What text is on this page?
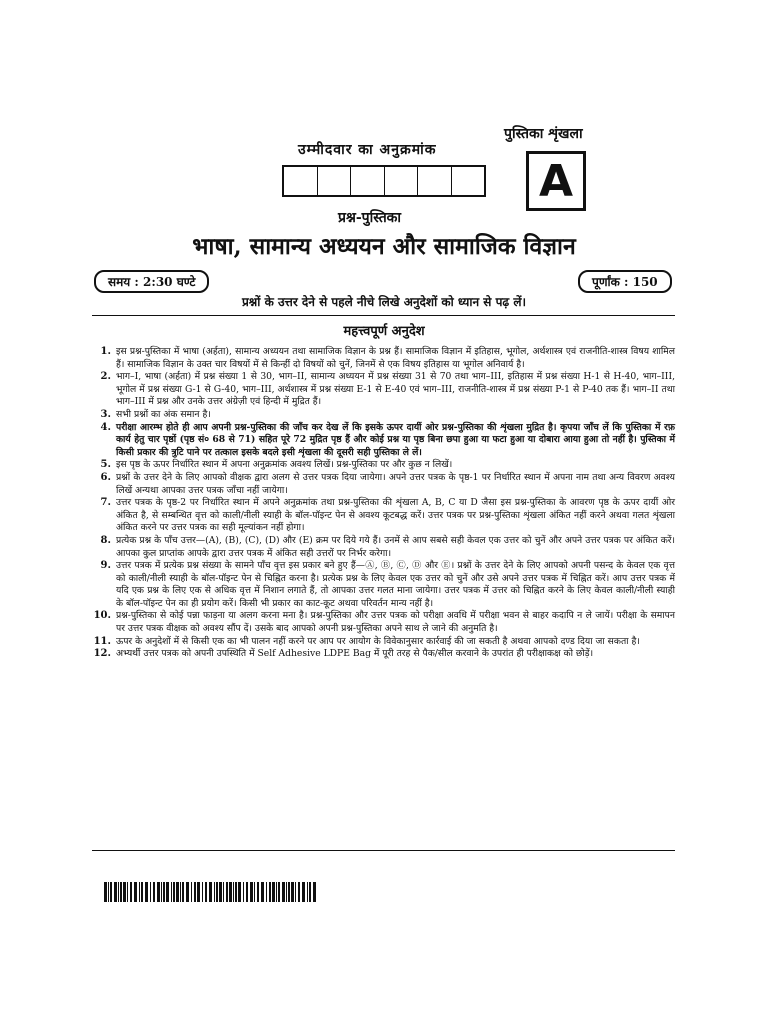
उम्मीदवार का अनुक्रमांक
पुस्तिका शृंखला
A
प्रश्न-पुस्तिका
भाषा, सामान्य अध्ययन और सामाजिक विज्ञान
समय : 2:30 घण्टे	पूर्णांक : 150
प्रश्नों के उत्तर देने से पहले नीचे लिखे अनुदेशों को ध्यान से पढ़ लें।
महत्त्वपूर्ण अनुदेश
1. इस प्रश्न-पुस्तिका में भाषा (अर्हता), सामान्य अध्ययन तथा सामाजिक विज्ञान के प्रश्न हैं। सामाजिक विज्ञान में इतिहास, भूगोल, अर्थशास्त्र एवं राजनीति-शास्त्र विषय शामिल हैं। सामाजिक विज्ञान के उक्त चार विषयों में से किन्हीं दो विषयों को चुनें, जिनमें से एक विषय इतिहास या भूगोल अनिवार्य है।
2. भाग–I, भाषा (अर्हता) में प्रश्न संख्या 1 से 30, भाग–II, सामान्य अध्ययन में प्रश्न संख्या 31 से 70 तथा भाग–III, इतिहास में प्रश्न संख्या H-1 से H-40, भाग–III, भूगोल में प्रश्न संख्या G-1 से G-40, भाग–III, अर्थशास्त्र में प्रश्न संख्या E-1 से E-40 एवं भाग–III, राजनीति-शास्त्र में प्रश्न संख्या P-1 से P-40 तक हैं। भाग–II तथा भाग–III में प्रश्न और उनके उत्तर अंग्रेज़ी एवं हिन्दी में मुद्रित हैं।
3. सभी प्रश्नों का अंक समान है।
4. परीक्षा आरम्भ होते ही आप अपनी प्रश्न-पुस्तिका की जाँच कर देख लें कि इसके ऊपर दायीं ओर प्रश्न-पुस्तिका की शृंखला मुद्रित है। कृपया जाँच लें कि पुस्तिका में रफ़ कार्य हेतु चार पृष्ठों (पृष्ठ सं० 68 से 71) सहित पूरे 72 मुद्रित पृष्ठ हैं और कोई प्रश्न या पृष्ठ बिना छपा हुआ या फटा हुआ या दोबारा आया हुआ तो नहीं है। पुस्तिका में किसी प्रकार की त्रुटि पाने पर तत्काल इसके बदले इसी शृंखला की दूसरी सही पुस्तिका ले लें।
5. इस पृष्ठ के ऊपर निर्धारित स्थान में अपना अनुक्रमांक अवश्य लिखें। प्रश्न-पुस्तिका पर और कुछ न लिखें।
6. प्रश्नों के उत्तर देने के लिए आपको वीक्षक द्वारा अलग से उत्तर पत्रक दिया जायेगा। अपने उत्तर पत्रक के पृष्ठ-1 पर निर्धारित स्थान में अपना नाम तथा अन्य विवरण अवश्य लिखें अन्यथा आपका उत्तर पत्रक जाँचा नहीं जायेगा।
7. उत्तर पत्रक के पृष्ठ-2 पर निर्धारित स्थान में अपने अनुक्रमांक तथा प्रश्न-पुस्तिका की शृंखला A, B, C या D जैसा इस प्रश्न-पुस्तिका के आवरण पृष्ठ के ऊपर दायीं ओर अंकित है, से सम्बन्धित वृत्त को काली/नीली स्याही के बॉल-पॉइन्ट पेन से अवश्य कूटबद्ध करें। उत्तर पत्रक पर प्रश्न-पुस्तिका शृंखला अंकित नहीं करने अथवा गलत शृंखला अंकित करने पर उत्तर पत्रक का सही मूल्यांकन नहीं होगा।
8. प्रत्येक प्रश्न के पाँच उत्तर—(A), (B), (C), (D) और (E) क्रम पर दिये गये हैं। उनमें से आप सबसे सही केवल एक उत्तर को चुनें और अपने उत्तर पत्रक पर अंकित करें। आपका कुल प्राप्तांक आपके द्वारा उत्तर पत्रक में अंकित सही उत्तरों पर निर्भर करेगा।
9. उत्तर पत्रक में प्रत्येक प्रश्न संख्या के सामने पाँच वृत्त इस प्रकार बने हुए हैं—Ⓐ, Ⓑ, Ⓒ, Ⓓ और Ⓔ। प्रश्नों के उत्तर देने के लिए आपको अपनी पसन्द के केवल एक वृत्त को काली/नीली स्याही के बॉल-पॉइन्ट पेन से चिह्नित करना है। प्रत्येक प्रश्न के लिए केवल एक उत्तर को चुनें और उसे अपने उत्तर पत्रक में चिह्नित करें। आप उत्तर पत्रक में यदि एक प्रश्न के लिए एक से अधिक वृत्त में निशान लगाते हैं, तो आपका उत्तर गलत माना जायेगा। उत्तर पत्रक में उत्तर को चिह्नित करने के लिए केवल काली/नीली स्याही के बॉल-पॉइन्ट पेन का ही प्रयोग करें। किसी भी प्रकार का काट-कूट अथवा परिवर्तन मान्य नहीं है।
10. प्रश्न-पुस्तिका से कोई पन्ना फाड़ना या अलग करना मना है। प्रश्न-पुस्तिका और उत्तर पत्रक को परीक्षा अवधि में परीक्षा भवन से बाहर कदापि न ले जायें। परीक्षा के समापन पर उत्तर पत्रक वीक्षक को अवश्य सौंप दें। उसके बाद आपको अपनी प्रश्न-पुस्तिका अपने साथ ले जाने की अनुमति है।
11. ऊपर के अनुदेशों में से किसी एक का भी पालन नहीं करने पर आप पर आयोग के विवेकानुसार कार्रवाई की जा सकती है अथवा आपको दण्ड दिया जा सकता है।
12. अभ्यर्थी उत्तर पत्रक को अपनी उपस्थिति में Self Adhesive LDPE Bag में पूरी तरह से पैक/सील करवाने के उपरांत ही परीक्षाकक्ष को छोड़ें।
